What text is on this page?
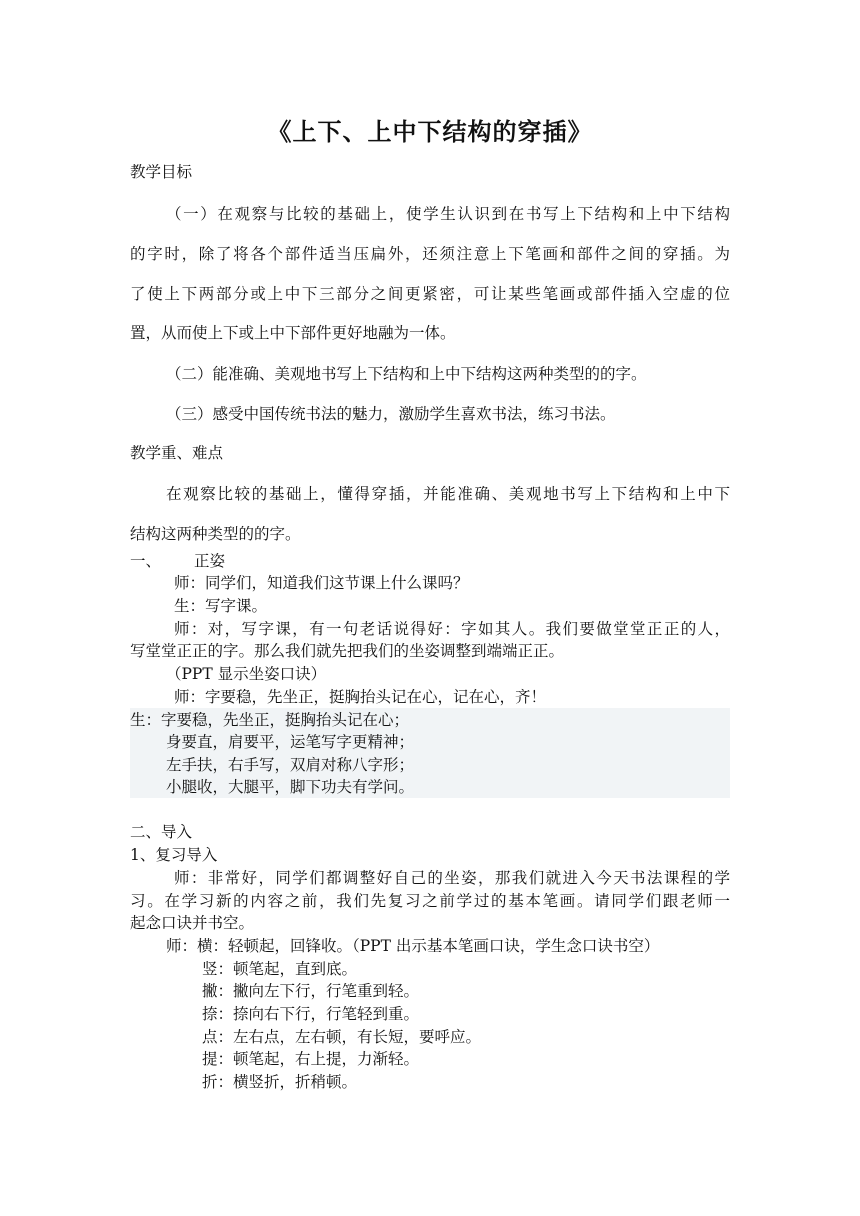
《上下、上中下结构的穿插》
教学目标
（一）在观察与比较的基础上，使学生认识到在书写上下结构和上中下结构
的字时，除了将各个部件适当压扁外，还须注意上下笔画和部件之间的穿插。为
了使上下两部分或上中下三部分之间更紧密，可让某些笔画或部件插入空虚的位
置，从而使上下或上中下部件更好地融为一体。
（二）能准确、美观地书写上下结构和上中下结构这两种类型的的字。
（三）感受中国传统书法的魅力，激励学生喜欢书法，练习书法。
教学重、难点
在观察比较的基础上，懂得穿插，并能准确、美观地书写上下结构和上中下
结构这两种类型的的字。
一、	正姿
师：同学们，知道我们这节课上什么课吗？
生：写字课。
师：对，写字课，有一句老话说得好：字如其人。我们要做堂堂正正的人，
写堂堂正正的字。那么我们就先把我们的坐姿调整到端端正正。
（PPT 显示坐姿口诀）
师：字要稳，先坐正，挺胸抬头记在心，记在心，齐！
生：字要稳，先坐正，挺胸抬头记在心；
身要直，肩要平，运笔写字更精神；
左手扶，右手写，双肩对称八字形；
小腿收，大腿平，脚下功夫有学问。
二、导入
1、复习导入
师：非常好，同学们都调整好自己的坐姿，那我们就进入今天书法课程的学
习。在学习新的内容之前，我们先复习之前学过的基本笔画。请同学们跟老师一
起念口诀并书空。
师：横：轻顿起，回锋收。（PPT 出示基本笔画口诀，学生念口诀书空）
竖：顿笔起，直到底。
撇：撇向左下行，行笔重到轻。
捺：捺向右下行，行笔轻到重。
点：左右点，左右顿，有长短，要呼应。
提：顿笔起，右上提，力渐轻。
折：横竖折，折稍顿。
